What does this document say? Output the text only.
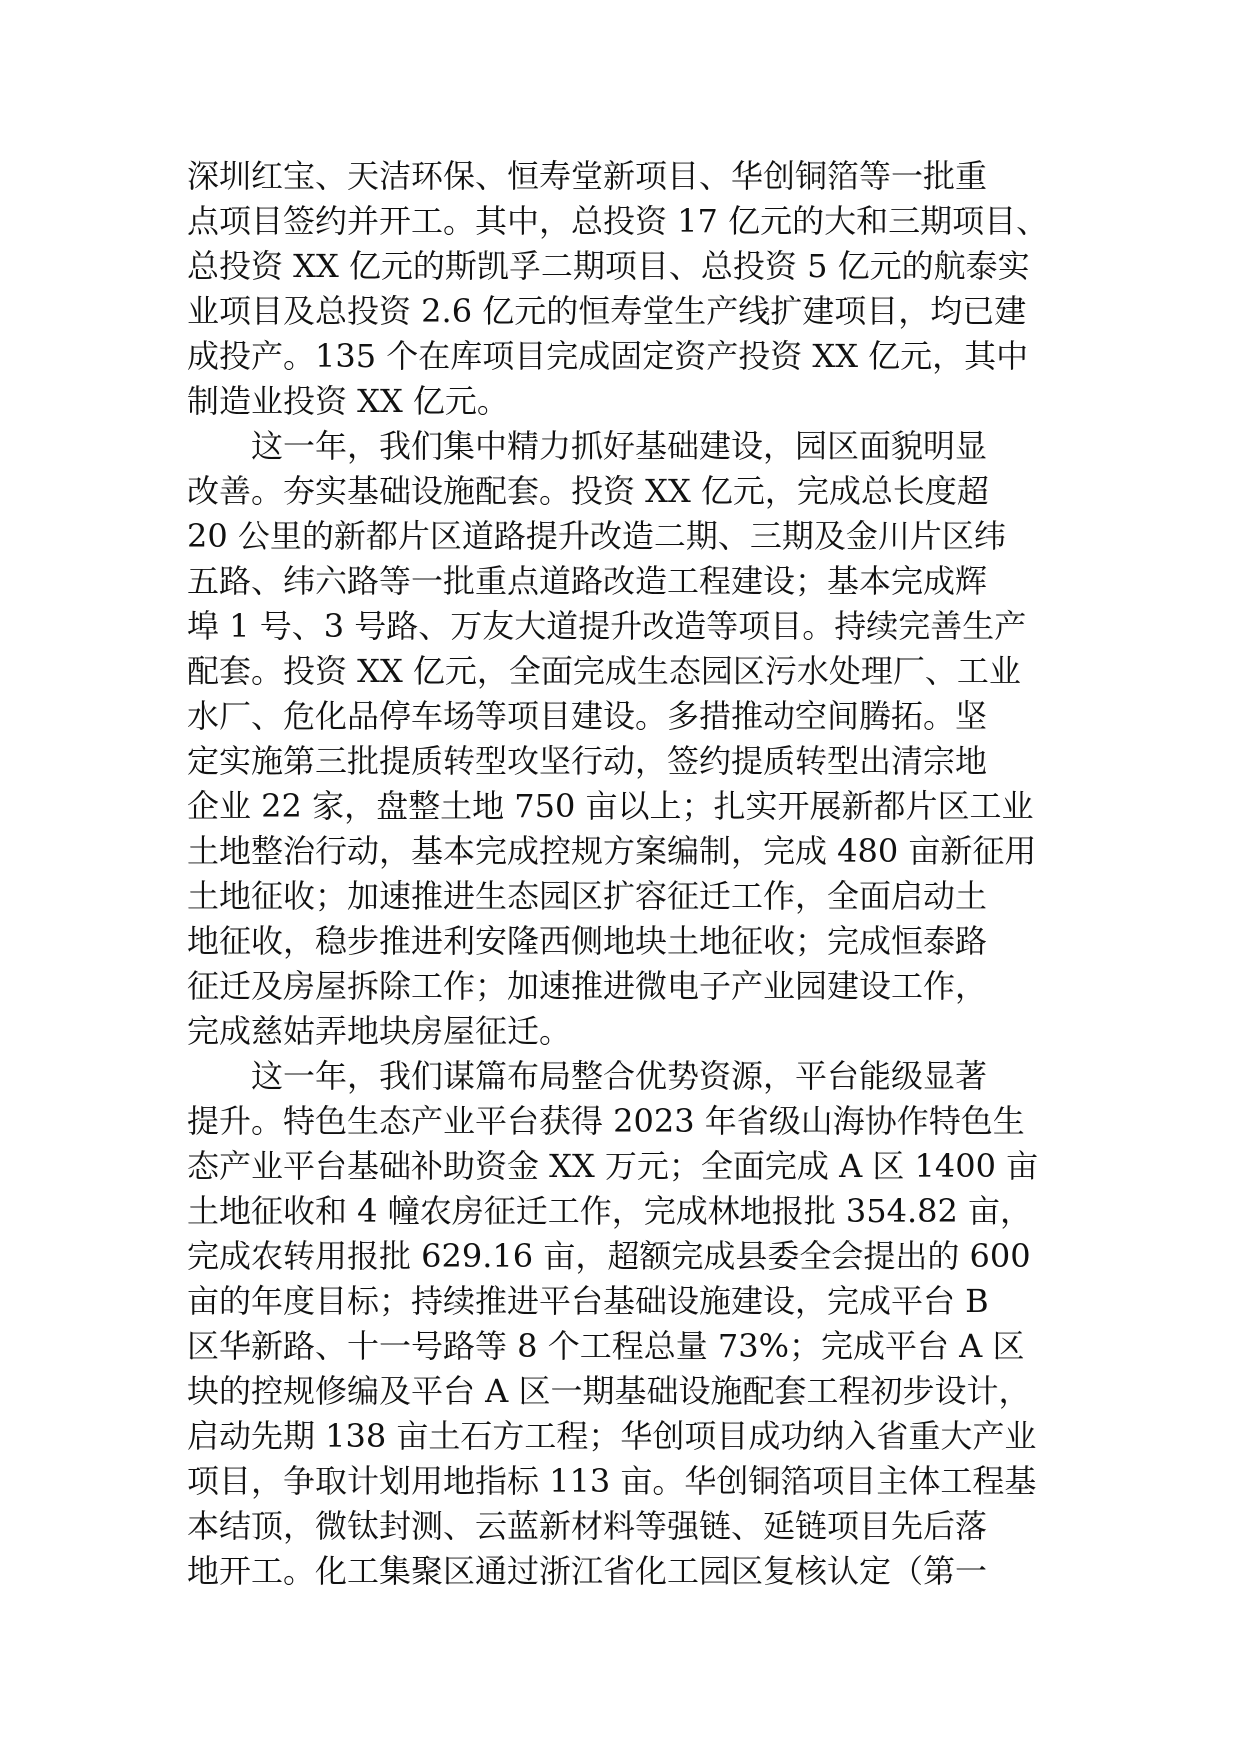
深圳红宝、天洁环保、恒寿堂新项目、华创铜箔等一批重
点项目签约并开工。其中，总投资 17 亿元的大和三期项目、
总投资 XX 亿元的斯凯孚二期项目、总投资 5 亿元的航泰实
业项目及总投资 2.6 亿元的恒寿堂生产线扩建项目，均已建
成投产。135 个在库项目完成固定资产投资 XX 亿元，其中
制造业投资 XX 亿元。
这一年，我们集中精力抓好基础建设，园区面貌明显
改善。夯实基础设施配套。投资 XX 亿元，完成总长度超
20 公里的新都片区道路提升改造二期、三期及金川片区纬
五路、纬六路等一批重点道路改造工程建设；基本完成辉
埠 1 号、3 号路、万友大道提升改造等项目。持续完善生产
配套。投资 XX 亿元，全面完成生态园区污水处理厂、工业
水厂、危化品停车场等项目建设。多措推动空间腾拓。坚
定实施第三批提质转型攻坚行动，签约提质转型出清宗地
企业 22 家，盘整土地 750 亩以上；扎实开展新都片区工业
土地整治行动，基本完成控规方案编制，完成 480 亩新征用
土地征收；加速推进生态园区扩容征迁工作，全面启动土
地征收，稳步推进利安隆西侧地块土地征收；完成恒泰路
征迁及房屋拆除工作；加速推进微电子产业园建设工作，
完成慈姑弄地块房屋征迁。
这一年，我们谋篇布局整合优势资源，平台能级显著
提升。特色生态产业平台获得 2023 年省级山海协作特色生
态产业平台基础补助资金 XX 万元；全面完成 A 区 1400 亩
土地征收和 4 幢农房征迁工作，完成林地报批 354.82 亩，
完成农转用报批 629.16 亩，超额完成县委全会提出的 600
亩的年度目标；持续推进平台基础设施建设，完成平台 B
区华新路、十一号路等 8 个工程总量 73%；完成平台 A 区
块的控规修编及平台 A 区一期基础设施配套工程初步设计，
启动先期 138 亩土石方工程；华创项目成功纳入省重大产业
项目，争取计划用地指标 113 亩。华创铜箔项目主体工程基
本结顶，微钛封测、云蓝新材料等强链、延链项目先后落
地开工。化工集聚区通过浙江省化工园区复核认定（第一
